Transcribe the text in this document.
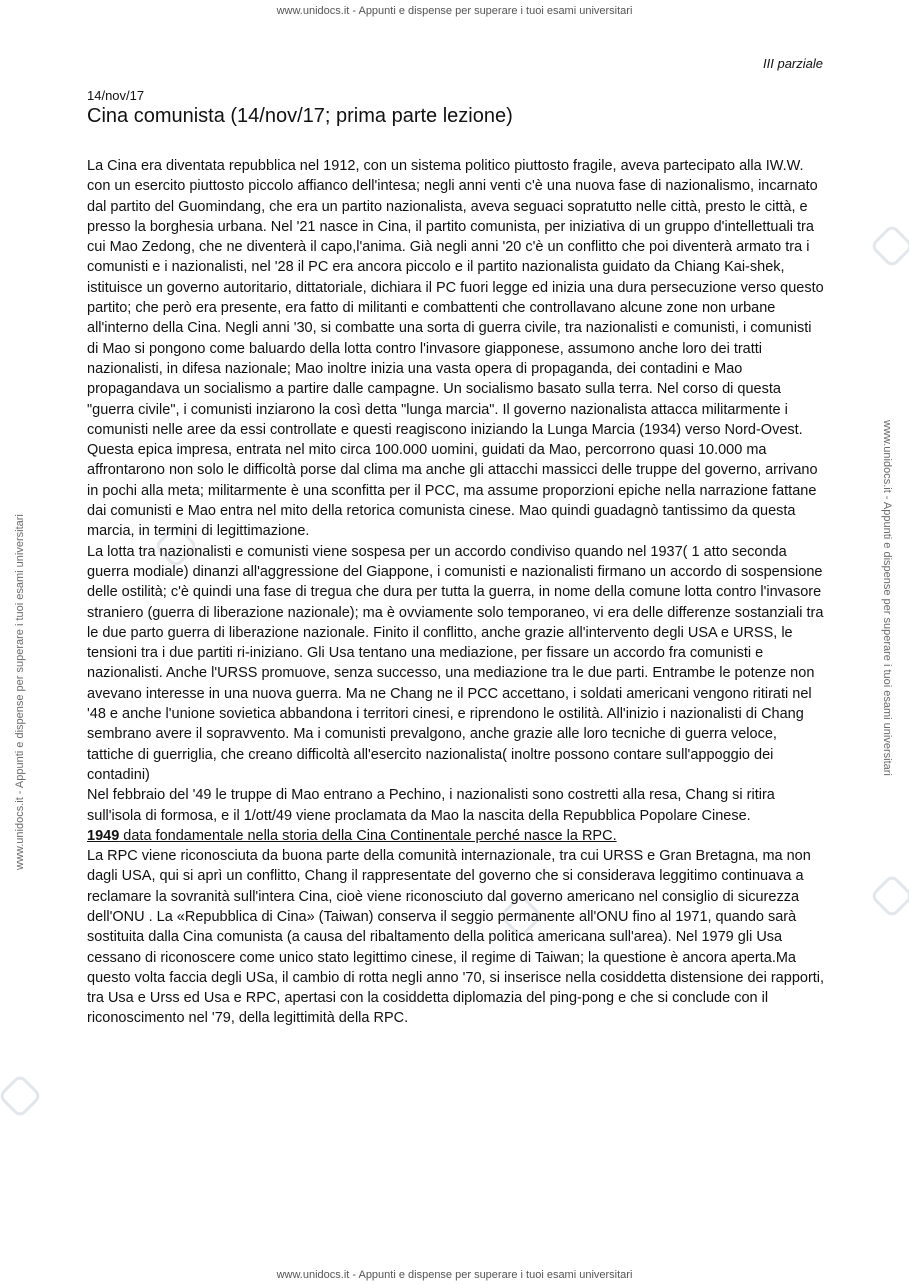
www.unidocs.it - Appunti e dispense per superare i tuoi esami universitari
www.unidocs.it - Appunti e dispense per superare i tuoi esami universitari
www.unidocs.it - Appunti e dispense per superare i tuoi esami universitari	www.unidocs.it - Appunti e dispense per superare i tuoi esami universitari
III parziale
14/nov/17
Cina comunista (14/nov/17; prima parte lezione)

La Cina era diventata repubblica nel 1912, con un sistema politico piuttosto fragile, aveva partecipato alla IW.W. con un esercito piuttosto piccolo affianco dell'intesa; negli anni venti c'è una nuova fase di nazionalismo, incarnato dal partito del Guomindang, che era un partito nazionalista, aveva seguaci sopratutto nelle città, presto le città, e presso la borghesia urbana. Nel '21 nasce in Cina, il partito comunista, per iniziativa di un gruppo d'intellettuali tra cui Mao Zedong, che ne diventerà il capo,l'anima. Già negli anni '20 c'è un conflitto che poi diventerà armato tra i comunisti e i nazionalisti, nel '28 il PC era ancora piccolo e il partito nazionalista guidato da Chiang Kai-shek, istituisce un governo autoritario, dittatoriale, dichiara il PC fuori legge ed inizia una dura persecuzione verso questo partito; che però era presente, era fatto di militanti e combattenti che controllavano alcune zone non urbane all'interno della Cina. Negli anni '30, si combatte una sorta di guerra civile, tra nazionalisti e comunisti, i comunisti di Mao si pongono come baluardo della lotta contro l'invasore giapponese, assumono anche loro dei tratti nazionalisti, in difesa nazionale; Mao inoltre inizia una vasta opera di propaganda, dei contadini e Mao propagandava un socialismo a partire dalle campagne. Un socialismo basato sulla terra. Nel corso di questa "guerra civile", i comunisti inziarono la così detta "lunga marcia". Il governo nazionalista attacca militarmente i comunisti nelle aree da essi controllate e questi reagiscono iniziando la Lunga Marcia (1934) verso Nord-Ovest. Questa epica impresa, entrata nel mito circa 100.000 uomini, guidati da Mao, percorrono quasi 10.000 ma affrontarono non solo le difficoltà porse dal clima ma anche gli attacchi massicci delle truppe del governo, arrivano in pochi alla meta; militarmente è una sconfitta per il PCC, ma assume proporzioni epiche nella narrazione fattane dai comunisti e Mao entra nel mito della retorica comunista cinese. Mao quindi guadagnò tantissimo da questa marcia, in termini di legittimazione.

La lotta tra nazionalisti e comunisti viene sospesa per un accordo condiviso quando nel 1937( 1 atto seconda guerra modiale) dinanzi all'aggressione del Giappone, i comunisti e nazionalisti firmano un accordo di sospensione delle ostilità; c'è quindi una fase di tregua che dura per tutta la guerra, in nome della comune lotta contro l'invasore straniero (guerra di liberazione nazionale); ma è ovviamente solo temporaneo, vi era delle differenze sostanziali tra le due parto guerra di liberazione nazionale. Finito il conflitto, anche grazie all'intervento degli USA e URSS, le tensioni tra i due partiti ri-iniziano. Gli Usa tentano una mediazione, per fissare un accordo fra comunisti e nazionalisti. Anche l'URSS promuove, senza successo, una mediazione tra le due parti. Entrambe le potenze non avevano interesse in una nuova guerra. Ma ne Chang ne il PCC accettano, i soldati americani vengono ritirati nel '48 e anche l'unione sovietica abbandona i territori cinesi, e riprendono le ostilità. All'inizio i nazionalisti di Chang sembrano avere il sopravvento. Ma i comunisti prevalgono, anche grazie alle loro tecniche di guerra veloce, tattiche di guerriglia, che creano difficoltà all'esercito nazionalista( inoltre possono contare sull'appoggio dei contadini)

Nel febbraio del '49 le truppe di Mao entrano a Pechino, i nazionalisti sono costretti alla resa, Chang si ritira sull'isola di formosa, e il 1/ott/49 viene proclamata da Mao la nascita della Repubblica Popolare Cinese.

1949 data fondamentale nella storia della Cina Continentale perché nasce la RPC.

La RPC viene riconosciuta da buona parte della comunità internazionale, tra cui URSS e Gran Bretagna, ma non dagli USA, qui si aprì un conflitto, Chang il rappresentate del governo che si considerava leggitimo continuava a reclamare la sovranità sull'intera Cina, cioè viene riconosciuto dal governo americano nel consiglio di sicurezza dell'ONU . La «Repubblica di Cina» (Taiwan) conserva il seggio permanente all'ONU fino al 1971, quando sarà sostituita dalla Cina comunista (a causa del ribaltamento della politica americana sull'area). Nel 1979 gli Usa cessano di riconoscere come unico stato legittimo cinese, il regime di Taiwan; la questione è ancora aperta.Ma questo volta faccia degli USa, il cambio di rotta negli anno '70, si inserisce nella cosiddetta distensione dei rapporti, tra Usa e Urss ed Usa e RPC, apertasi con la cosiddetta diplomazia del ping-pong e che si conclude con il riconoscimento nel '79, della legittimità della RPC.
